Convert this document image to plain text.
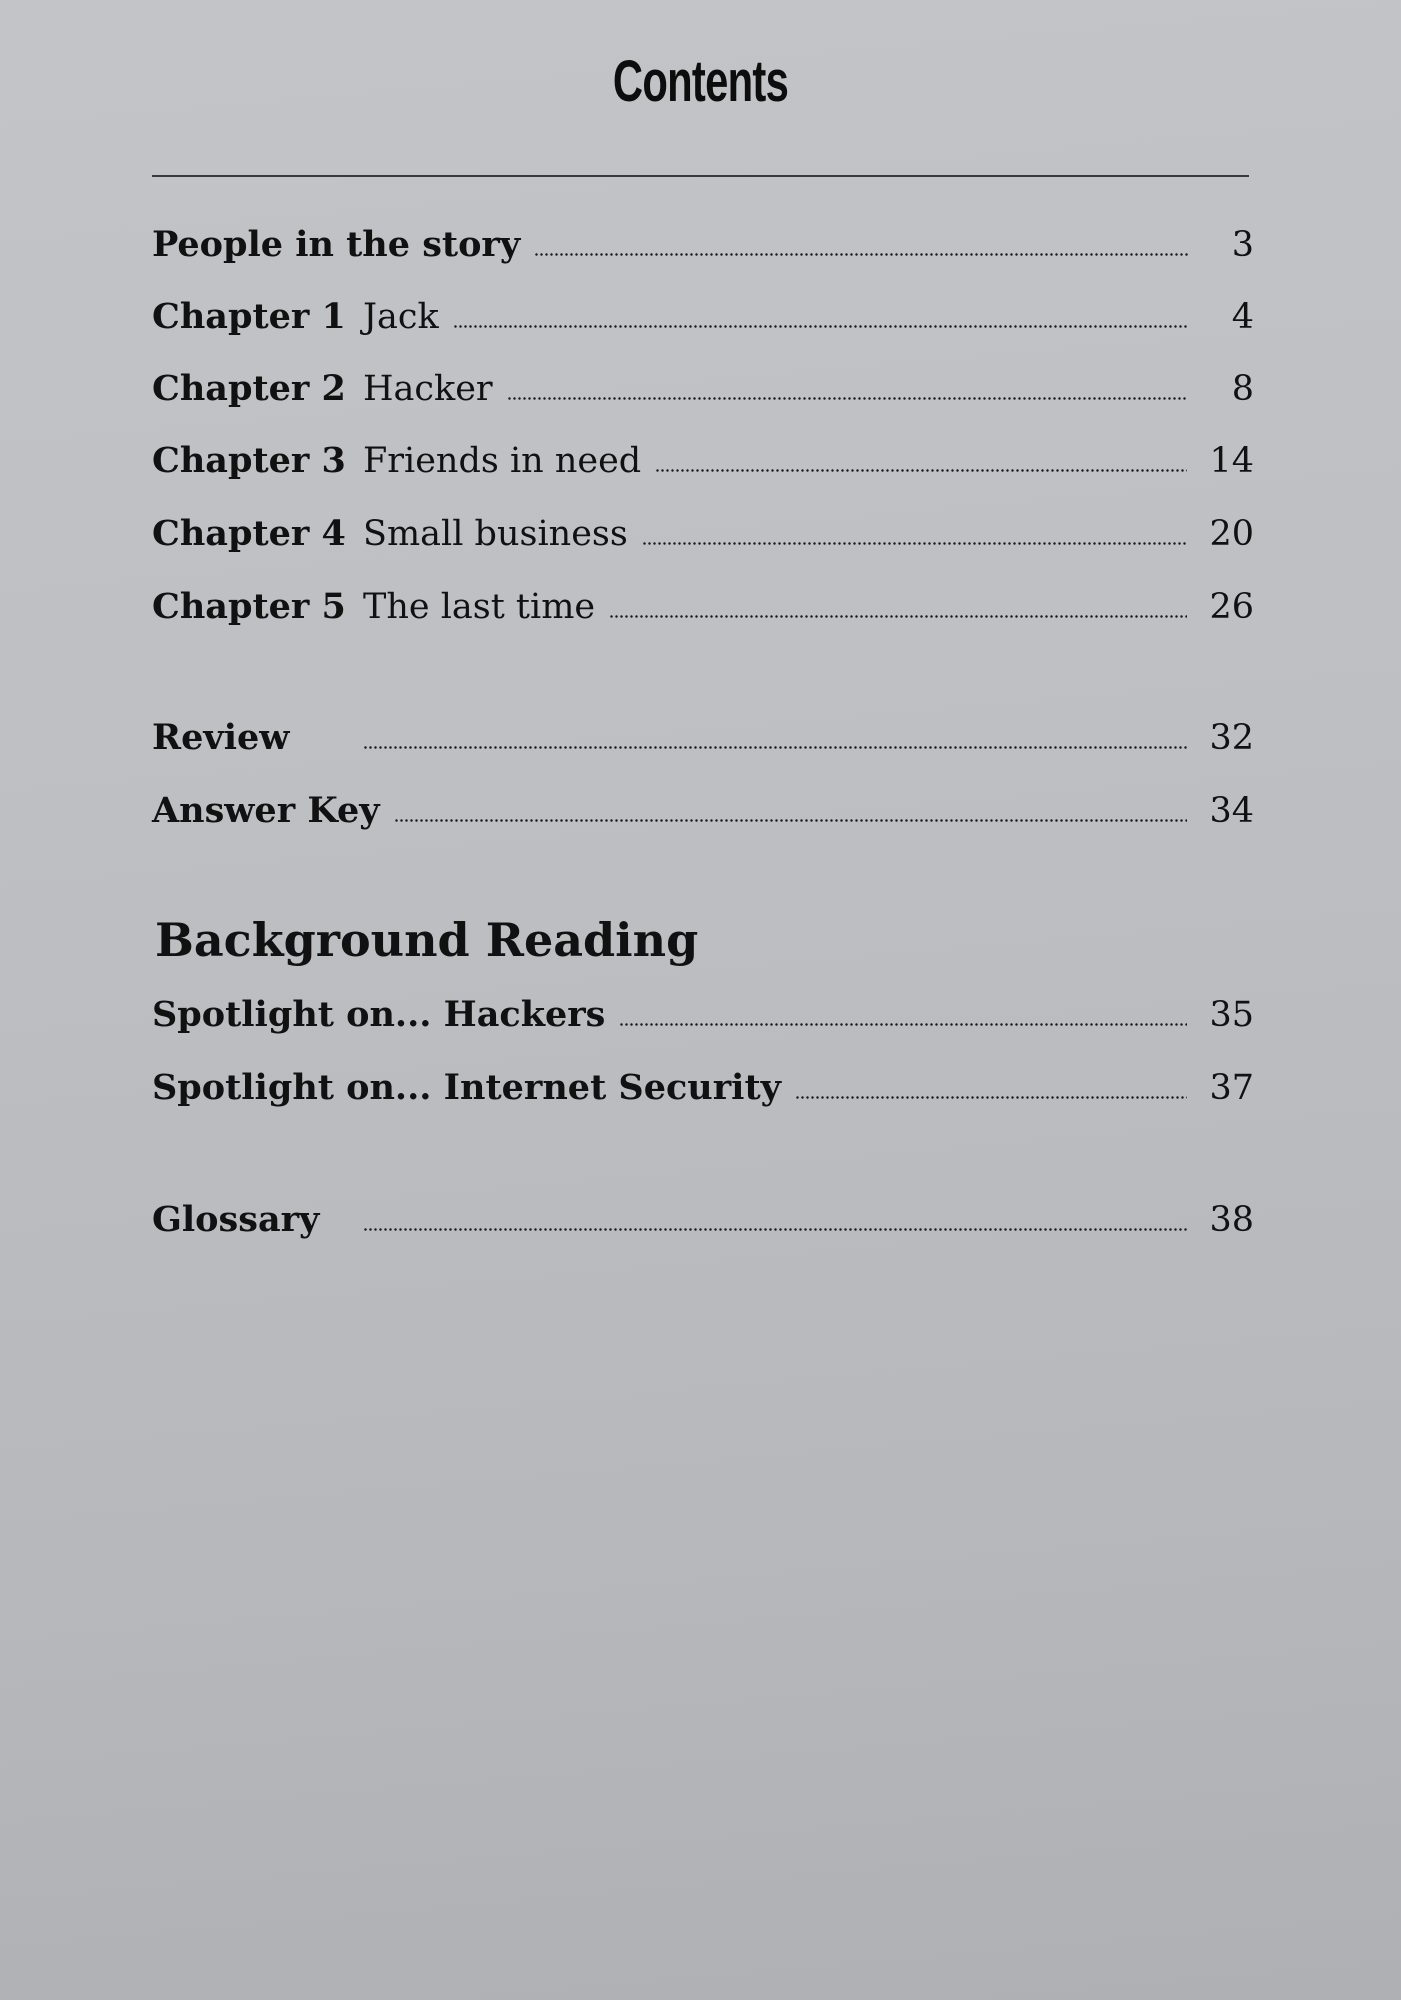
Contents
People in the story	3
Chapter 1 Jack	4
Chapter 2 Hacker	8
Chapter 3 Friends in need	14
Chapter 4 Small business	20
Chapter 5 The last time	26
Review	32
Answer Key	34
Background Reading
Spotlight on... Hackers	35
Spotlight on... Internet Security	37
Glossary	38
